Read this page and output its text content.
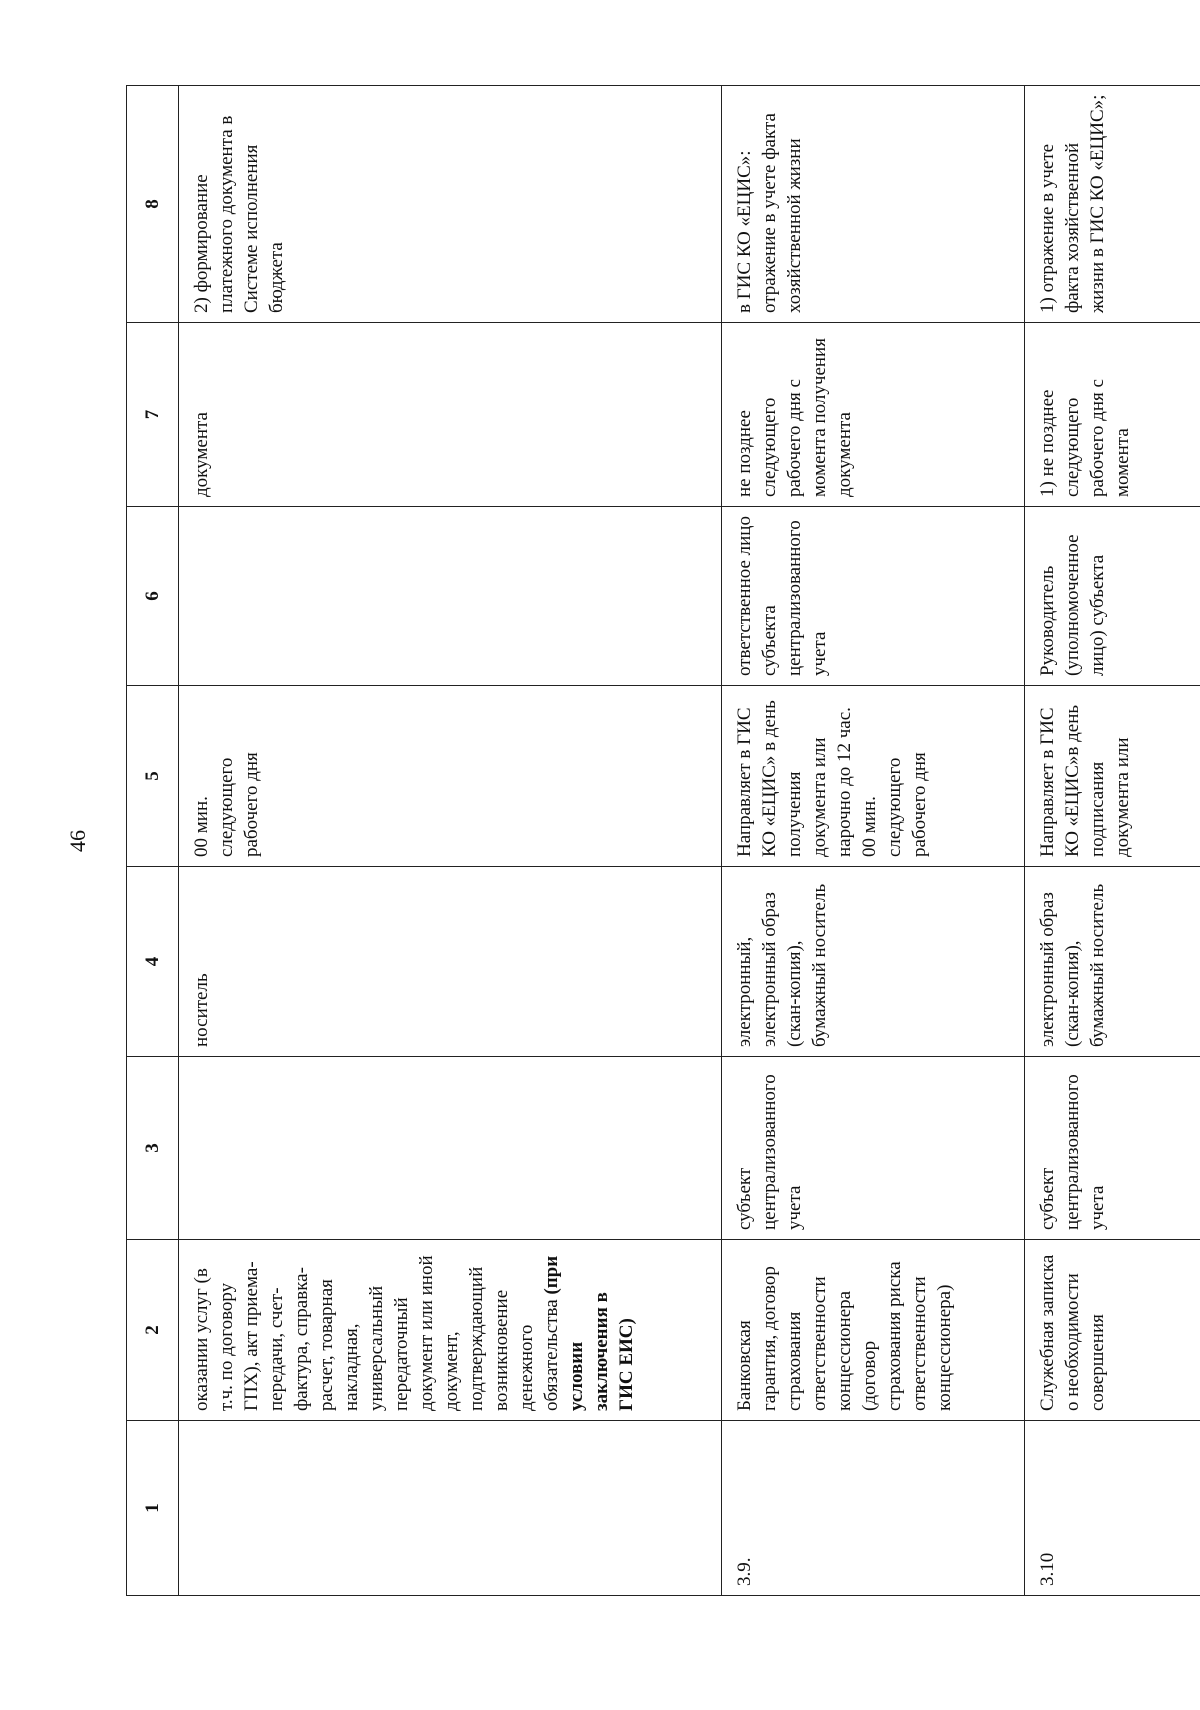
46
1	2	3	4	5	6	7	8
	оказании услуг (в т.ч. по договору ГПХ), акт приема-передачи, счет-фактура, справка-расчет, товарная накладная, универсальный передаточный документ или иной документ, подтверждающий возникновение денежного обязательства (при условии заключения в ГИС ЕИС)		носитель	00 мин. следующего рабочего дня		документа	2) формирование платежного документа в Системе исполнения бюджета
3.9.	Банковская гарантия, договор страхования ответственности концессионера (договор страхования риска ответственности концессионера)	субъект централизованного учета	электронный, электронный образ (скан-копия), бумажный носитель	Направляет в ГИС КО «ЕЦИС» в день получения документа или нарочно до 12 час. 00 мин. следующего рабочего дня	ответственное лицо субъекта централизованного учета	не позднее следующего рабочего дня с момента получения документа	в ГИС КО «ЕЦИС»: отражение в учете факта хозяйственной жизни
3.10	Служебная записка о необходимости совершения	субъект централизованного учета	электронный образ (скан-копия), бумажный носитель	Направляет в ГИС КО «ЕЦИС»в день подписания документа или	Руководитель (уполномоченное лицо) субъекта	1) не позднее следующего рабочего дня с момента	1) отражение в учете факта хозяйственной жизни в ГИС КО «ЕЦИС»;
